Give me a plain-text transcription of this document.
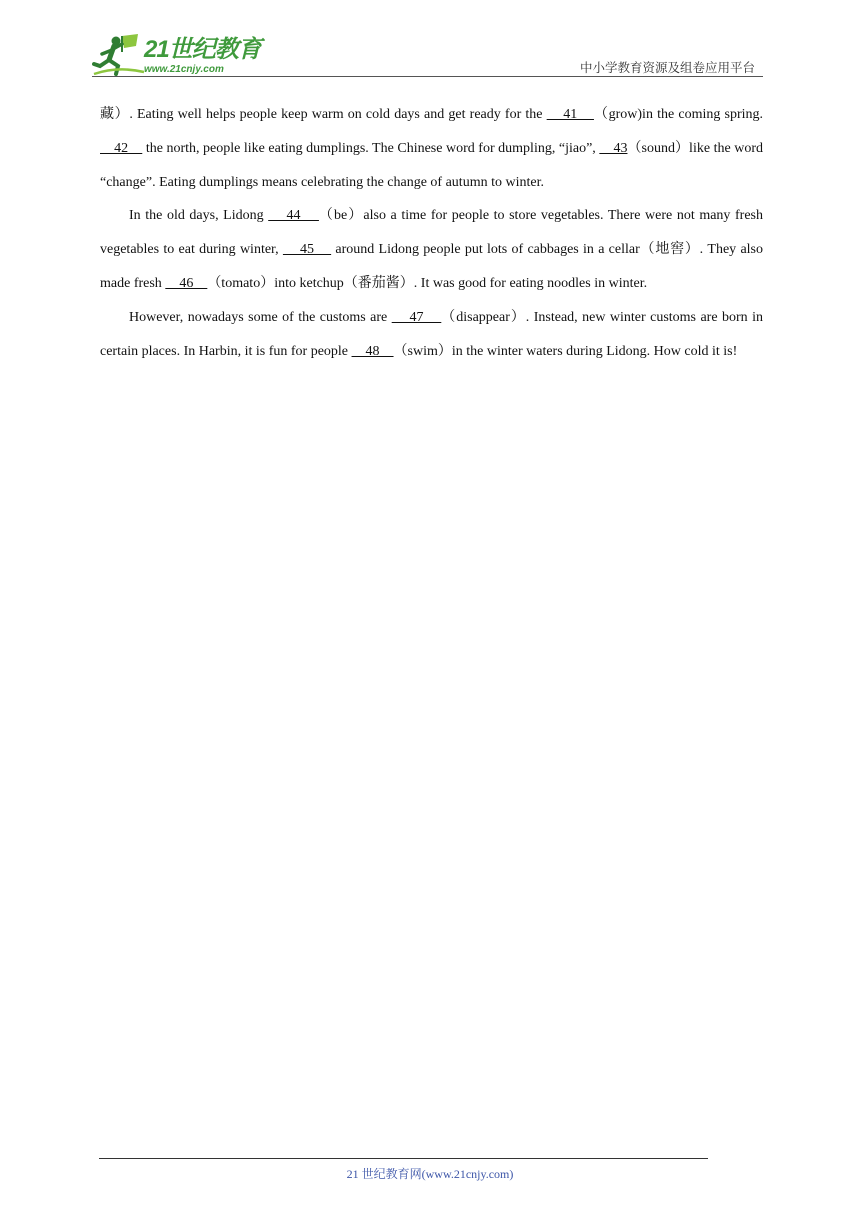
21世纪教育
www.21cnjy.com	中小学教育资源及组卷应用平台

藏）. Eating well helps people keep warm on cold days and get ready for the     41    （grow)in the coming spring.     42     the north, people like eating dumplings. The Chinese word for dumpling, “jiao”,     43（sound）like the word “change”. Eating dumplings means celebrating the change of autumn to winter.

In the old days, Lidong     44    （be）also a time for people to store vegetables. There were not many fresh vegetables to eat during winter,     45     around Lidong people put lots of cabbages in a cellar（地窖）. They also made fresh     46    （tomato）into ketchup（番茄酱）. It was good for eating noodles in winter.

However, nowadays some of the customs are     47    （disappear）. Instead, new winter customs are born in certain places. In Harbin, it is fun for people     48    （swim）in the winter waters during Lidong. How cold it is!

21 世纪教育网(www.21cnjy.com)
